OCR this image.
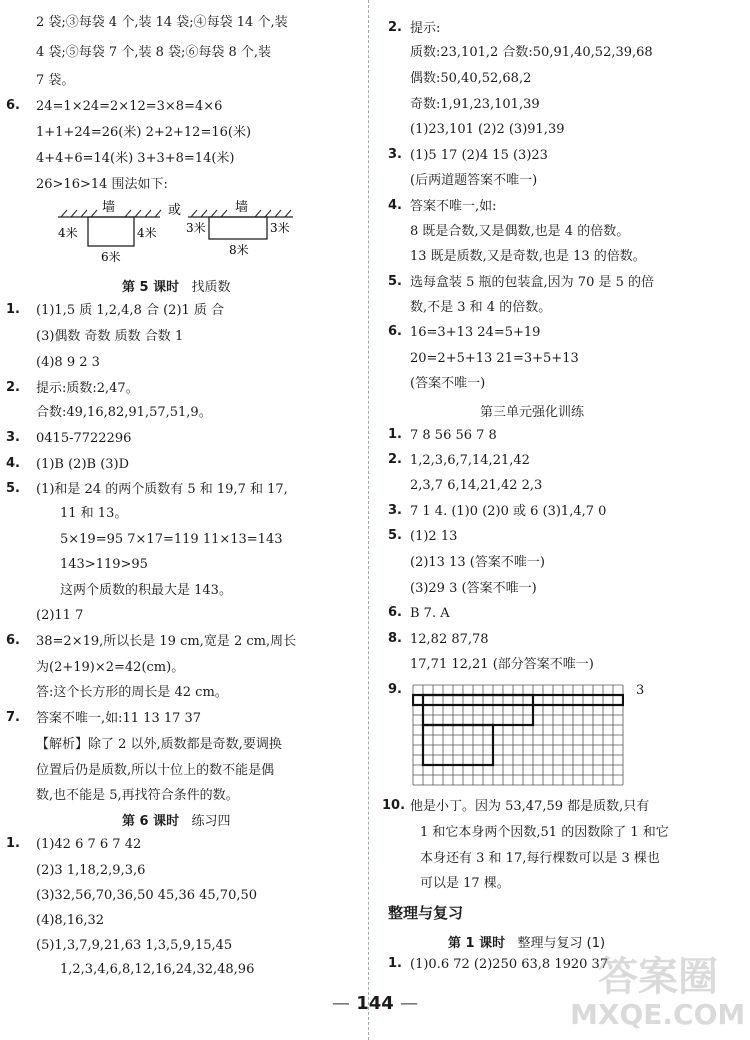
2 袋;③每袋 4 个,装 14 袋;④每袋 14 个,装
4 袋;⑤每袋 7 个,装 8 袋;⑥每袋 8 个,装
7 袋。
6. 24=1×24=2×12=3×8=4×6
1+1+24=26(米) 2+2+12=16(米)
4+4+6=14(米) 3+3+8=14(米)
26>16>14 围法如下:
墙
4米	4米
6米
或	墙
3米	3米
8米
第 5 课时 找质数
1. (1)1,5 质 1,2,4,8 合 (2)1 质 合
(3)偶数 奇数 质数 合数 1
(4)8 9 2 3
2. 提示:质数:2,47。
合数:49,16,82,91,57,51,9。
3. 0415-7722296
4. (1)B (2)B (3)D
5. (1)和是 24 的两个质数有 5 和 19,7 和 17,
11 和 13。
5×19=95 7×17=119 11×13=143
143>119>95
这两个质数的积最大是 143。
(2)11 7
6. 38=2×19,所以长是 19 cm,宽是 2 cm,周长
为(2+19)×2=42(cm)。
答:这个长方形的周长是 42 cm。
7. 答案不唯一,如:11 13 17 37
【解析】除了 2 以外,质数都是奇数,要调换
位置后仍是质数,所以十位上的数不能是偶
数,也不能是 5,再找符合条件的数。
第 6 课时 练习四
1. (1)42 6 7 6 7 42
(2)3 1,18,2,9,3,6
(3)32,56,70,36,50 45,36 45,70,50
(4)8,16,32
(5)1,3,7,9,21,63 1,3,5,9,15,45
1,2,3,4,6,8,12,16,24,32,48,96
2. 提示:
质数:23,101,2 合数:50,91,40,52,39,68
偶数:50,40,52,68,2
奇数:1,91,23,101,39
(1)23,101 (2)2 (3)91,39
3. (1)5 17 (2)4 15 (3)23
(后两道题答案不唯一)
4. 答案不唯一,如:
8 既是合数,又是偶数,也是 4 的倍数。
13 既是质数,又是奇数,也是 13 的倍数。
5. 选每盒装 5 瓶的包装盒,因为 70 是 5 的倍
数,不是 3 和 4 的倍数。
6. 16=3+13 24=5+19
20=2+5+13 21=3+5+13
(答案不唯一)
第三单元强化训练
1. 7 8 56 56 7 8
2. 1,2,3,6,7,14,21,42
2,3,7 6,14,21,42 2,3
3. 7 1 4. (1)0 (2)0 或 6 (3)1,4,7 0
5. (1)2 13
(2)13 13 (答案不唯一)
(3)29 3 (答案不唯一)
6. B 7. A
8. 12,82 87,78
17,71 12,21 (部分答案不唯一)
9.	3
10. 他是小丁。因为 53,47,59 都是质数,只有
1 和它本身两个因数,51 的因数除了 1 和它
本身还有 3 和 17,每行棵数可以是 3 棵也
可以是 17 棵。
整理与复习
第 1 课时 整理与复习 (1)
1. (1)0.6 72 (2)250 63,8 1920 37
— 144 —
答案圈
MXQE.COM
